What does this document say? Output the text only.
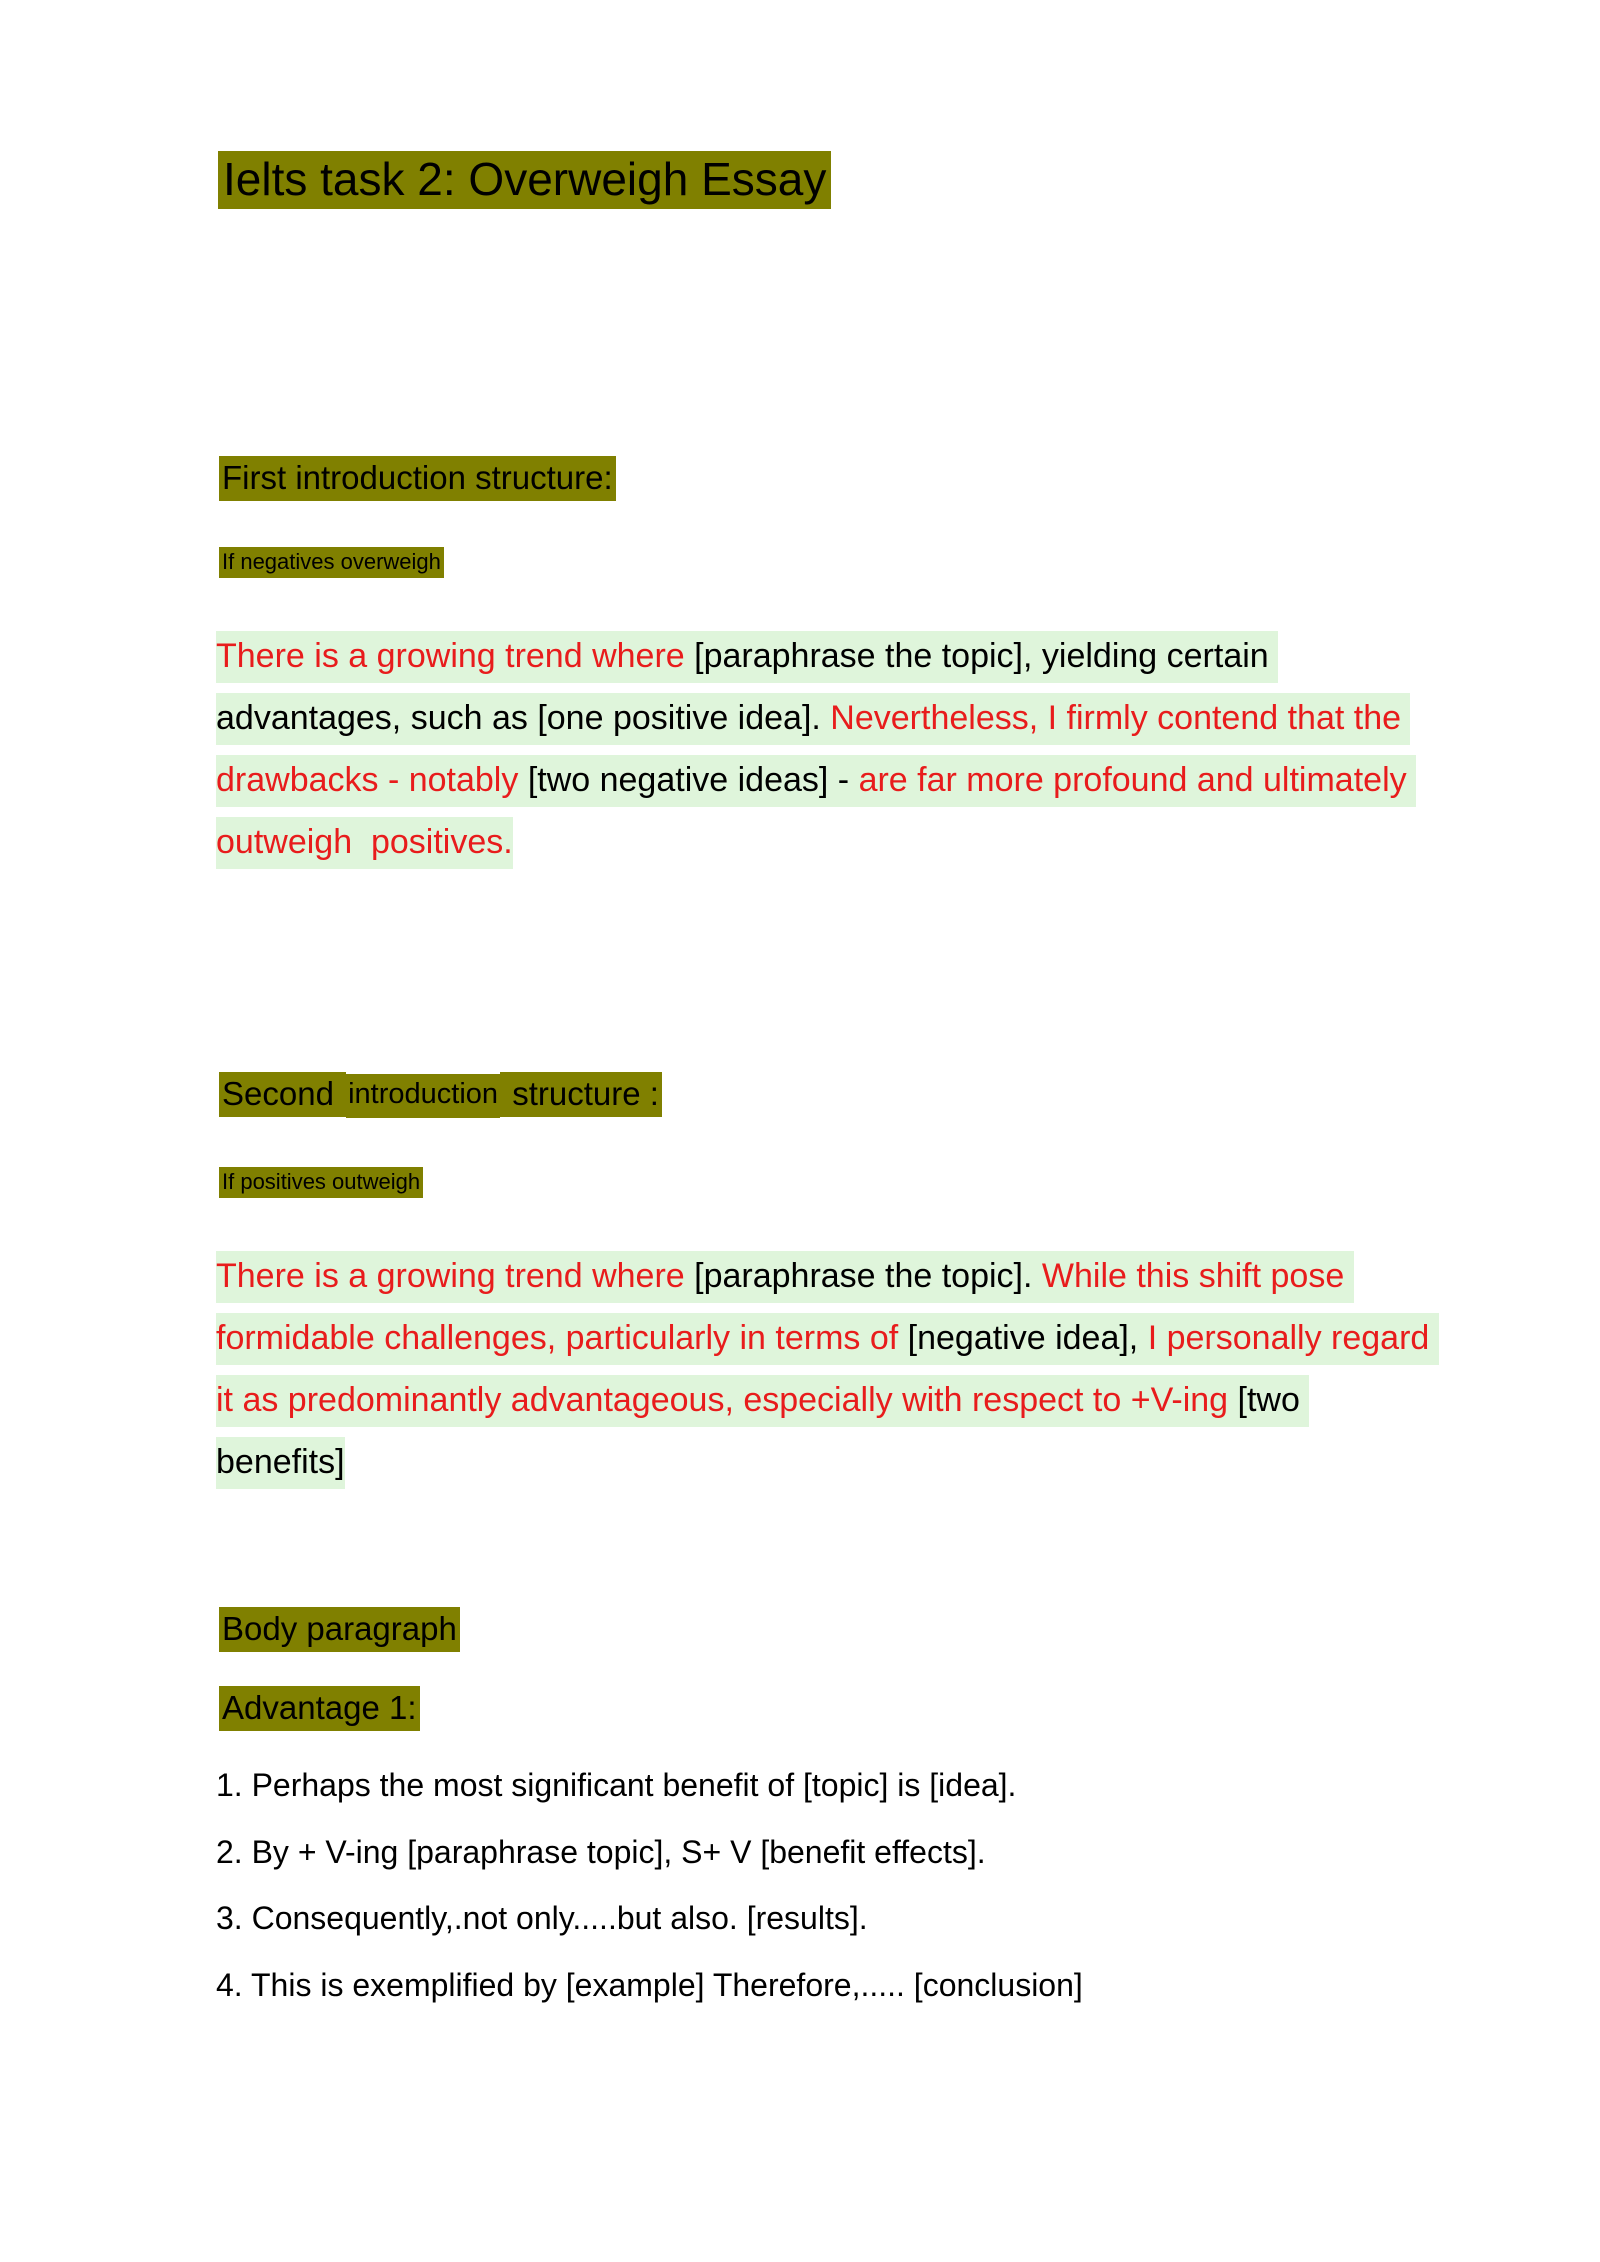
Ielts task 2: Overweigh Essay
First introduction structure:
If negatives overweigh
There is a growing trend where [paraphrase the topic], yielding certain advantages, such as [one positive idea]. Nevertheless, I firmly contend that the drawbacks - notably [two negative ideas] - are far more profound and ultimately outweigh  positives.
Second introduction structure :
If positives outweigh
There is a growing trend where [paraphrase the topic]. While this shift pose formidable challenges, particularly in terms of [negative idea], I personally regard it as predominantly advantageous, especially with respect to +V-ing [two benefits]
Body paragraph
Advantage 1:
1. Perhaps the most significant benefit of [topic] is [idea].
2. By + V-ing [paraphrase topic], S+ V [benefit effects].
3. Consequently,.not only.....but also. [results].
4. This is exemplified by [example] Therefore,..... [conclusion]
